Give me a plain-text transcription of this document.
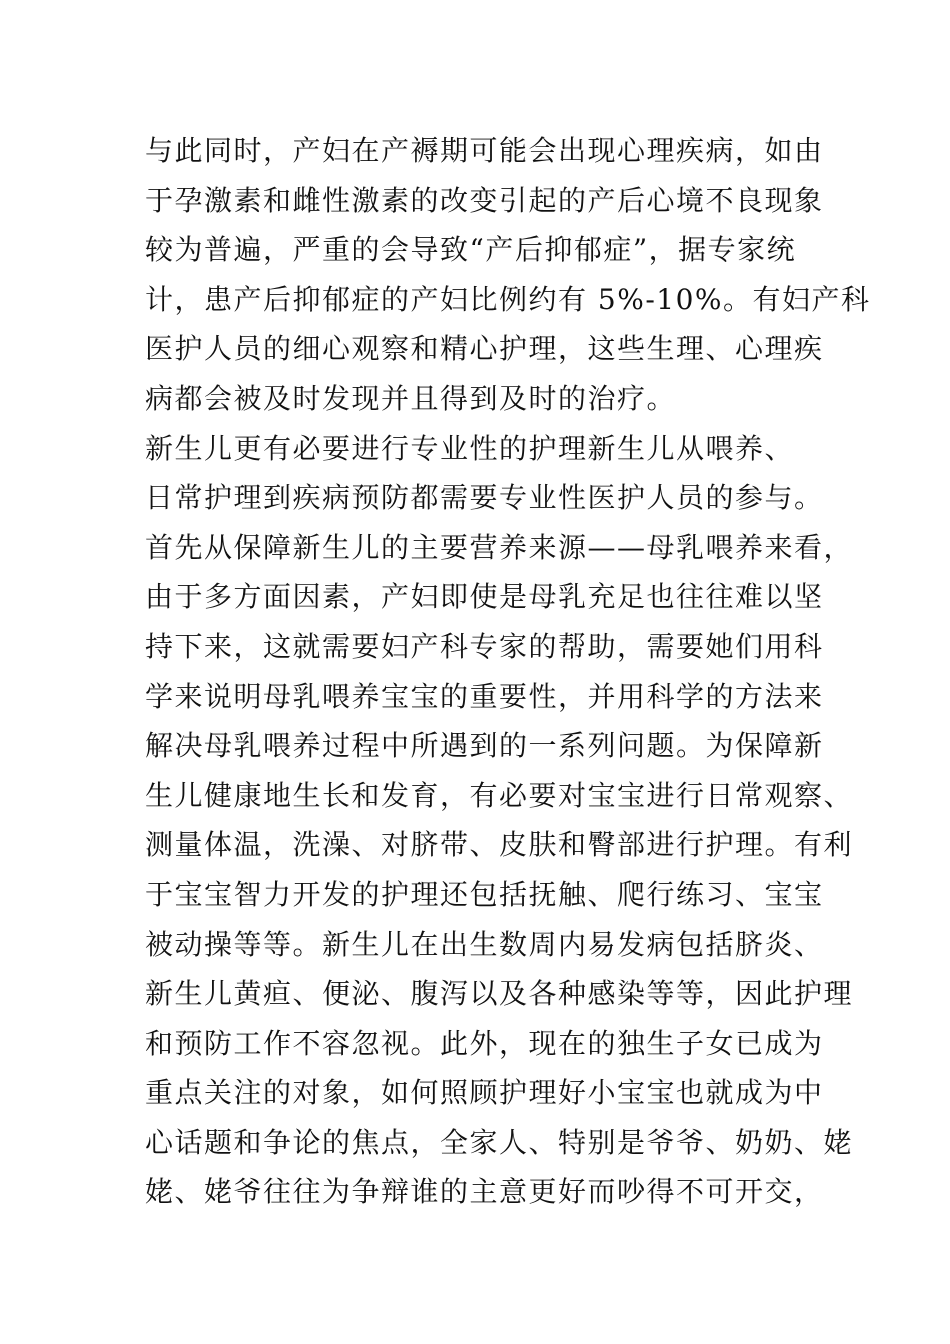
与此同时，产妇在产褥期可能会出现心理疾病，如由
于孕激素和雌性激素的改变引起的产后心境不良现象
较为普遍，严重的会导致“产后抑郁症”，据专家统
计，患产后抑郁症的产妇比例约有 5%-10%。有妇产科
医护人员的细心观察和精心护理，这些生理、心理疾
病都会被及时发现并且得到及时的治疗。
新生儿更有必要进行专业性的护理新生儿从喂养、
日常护理到疾病预防都需要专业性医护人员的参与。
首先从保障新生儿的主要营养来源——母乳喂养来看，
由于多方面因素，产妇即使是母乳充足也往往难以坚
持下来，这就需要妇产科专家的帮助，需要她们用科
学来说明母乳喂养宝宝的重要性，并用科学的方法来
解决母乳喂养过程中所遇到的一系列问题。为保障新
生儿健康地生长和发育，有必要对宝宝进行日常观察、
测量体温，洗澡、对脐带、皮肤和臀部进行护理。有利
于宝宝智力开发的护理还包括抚触、爬行练习、宝宝
被动操等等。新生儿在出生数周内易发病包括脐炎、
新生儿黄疸、便泌、腹泻以及各种感染等等，因此护理
和预防工作不容忽视。此外，现在的独生子女已成为
重点关注的对象，如何照顾护理好小宝宝也就成为中
心话题和争论的焦点，全家人、特别是爷爷、奶奶、姥
姥、姥爷往往为争辩谁的主意更好而吵得不可开交，
